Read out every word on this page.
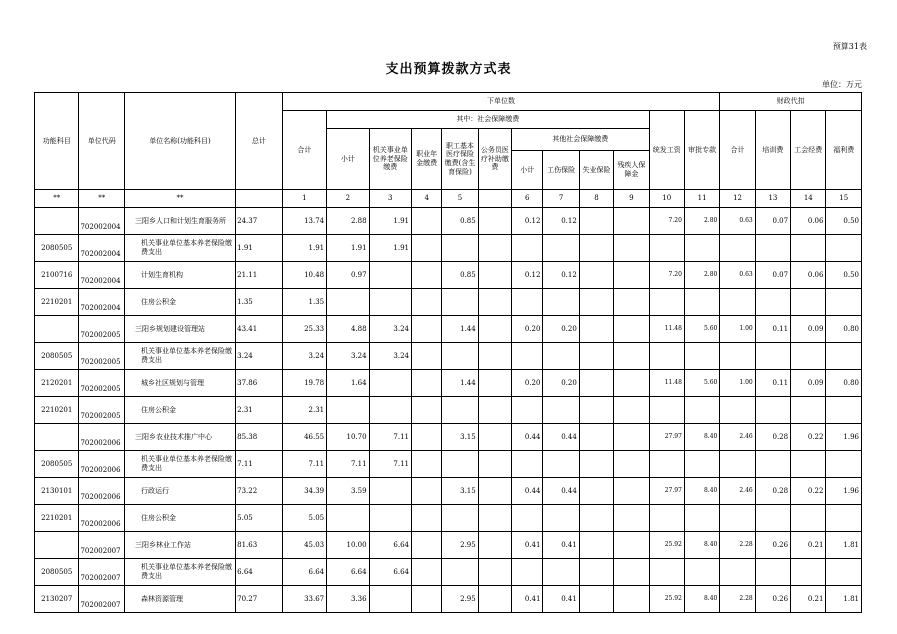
预算31表
支出预算拨款方式表
单位：万元
功能科目	单位代码	单位名称(功能科目)	总计	下单位数												财政代扣			
				合计	其中：社会保障缴费									统发工资	审批专款	合计	培训费	工会经费	福利费
					小计	机关事业单位养老保险缴费	职业年金缴费	职工基本医疗保险缴费(含生育保险)	公务员医疗补助缴费	其他社会保障缴费									
										小计	工伤保险	失业保险	残疾人保障金						
**	**	**		1	2	3	4	5		6	7	8	9	10	11	12	13	14	15
	702002004	三阳乡人口和计划生育服务所	24.37	13.74	2.88	1.91		0.85		0.12	0.12			7.20	2.80	0.63	0.07	0.06	0.50
2080505	702002004	机关事业单位基本养老保险缴费支出	1.91	1.91	1.91	1.91													
2100716	702002004	计划生育机构	21.11	10.48	0.97			0.85		0.12	0.12			7.20	2.80	0.63	0.07	0.06	0.50
2210201	702002004	住房公积金	1.35	1.35															
	702002005	三阳乡规划建设管理站	43.41	25.33	4.88	3.24		1.44		0.20	0.20			11.48	5.60	1.00	0.11	0.09	0.80
2080505	702002005	机关事业单位基本养老保险缴费支出	3.24	3.24	3.24	3.24													
2120201	702002005	城乡社区规划与管理	37.86	19.78	1.64			1.44		0.20	0.20			11.48	5.60	1.00	0.11	0.09	0.80
2210201	702002005	住房公积金	2.31	2.31															
	702002006	三阳乡农业技术推广中心	85.38	46.55	10.70	7.11		3.15		0.44	0.44			27.97	8.40	2.46	0.28	0.22	1.96
2080505	702002006	机关事业单位基本养老保险缴费支出	7.11	7.11	7.11	7.11													
2130101	702002006	行政运行	73.22	34.39	3.59			3.15		0.44	0.44			27.97	8.40	2.46	0.28	0.22	1.96
2210201	702002006	住房公积金	5.05	5.05															
	702002007	三阳乡林业工作站	81.63	45.03	10.00	6.64		2.95		0.41	0.41			25.92	8.40	2.28	0.26	0.21	1.81
2080505	702002007	机关事业单位基本养老保险缴费支出	6.64	6.64	6.64	6.64													
2130207	702002007	森林资源管理	70.27	33.67	3.36			2.95		0.41	0.41			25.92	8.40	2.28	0.26	0.21	1.81
